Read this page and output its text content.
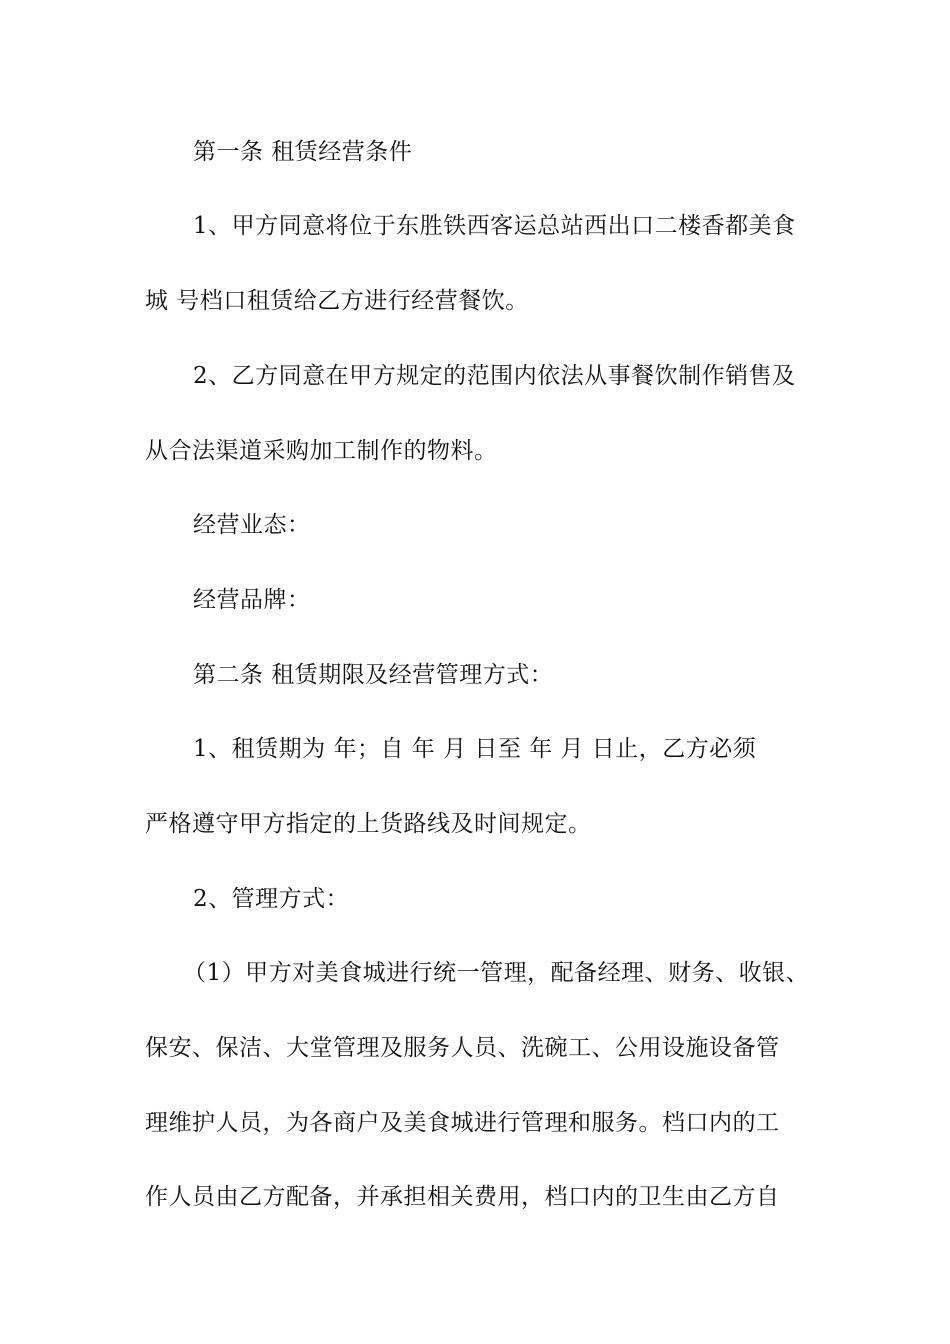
第一条 租赁经营条件

1、甲方同意将位于东胜铁西客运总站西出口二楼香都美食

城 号档口租赁给乙方进行经营餐饮。

2、乙方同意在甲方规定的范围内依法从事餐饮制作销售及

从合法渠道采购加工制作的物料。

经营业态：

经营品牌：

第二条 租赁期限及经营管理方式：

1、租赁期为 年；自 年 月 日至 年 月 日止，乙方必须

严格遵守甲方指定的上货路线及时间规定。

2、管理方式：

（1）甲方对美食城进行统一管理，配备经理、财务、收银、

保安、保洁、大堂管理及服务人员、洗碗工、公用设施设备管

理维护人员，为各商户及美食城进行管理和服务。档口内的工

作人员由乙方配备，并承担相关费用，档口内的卫生由乙方自
